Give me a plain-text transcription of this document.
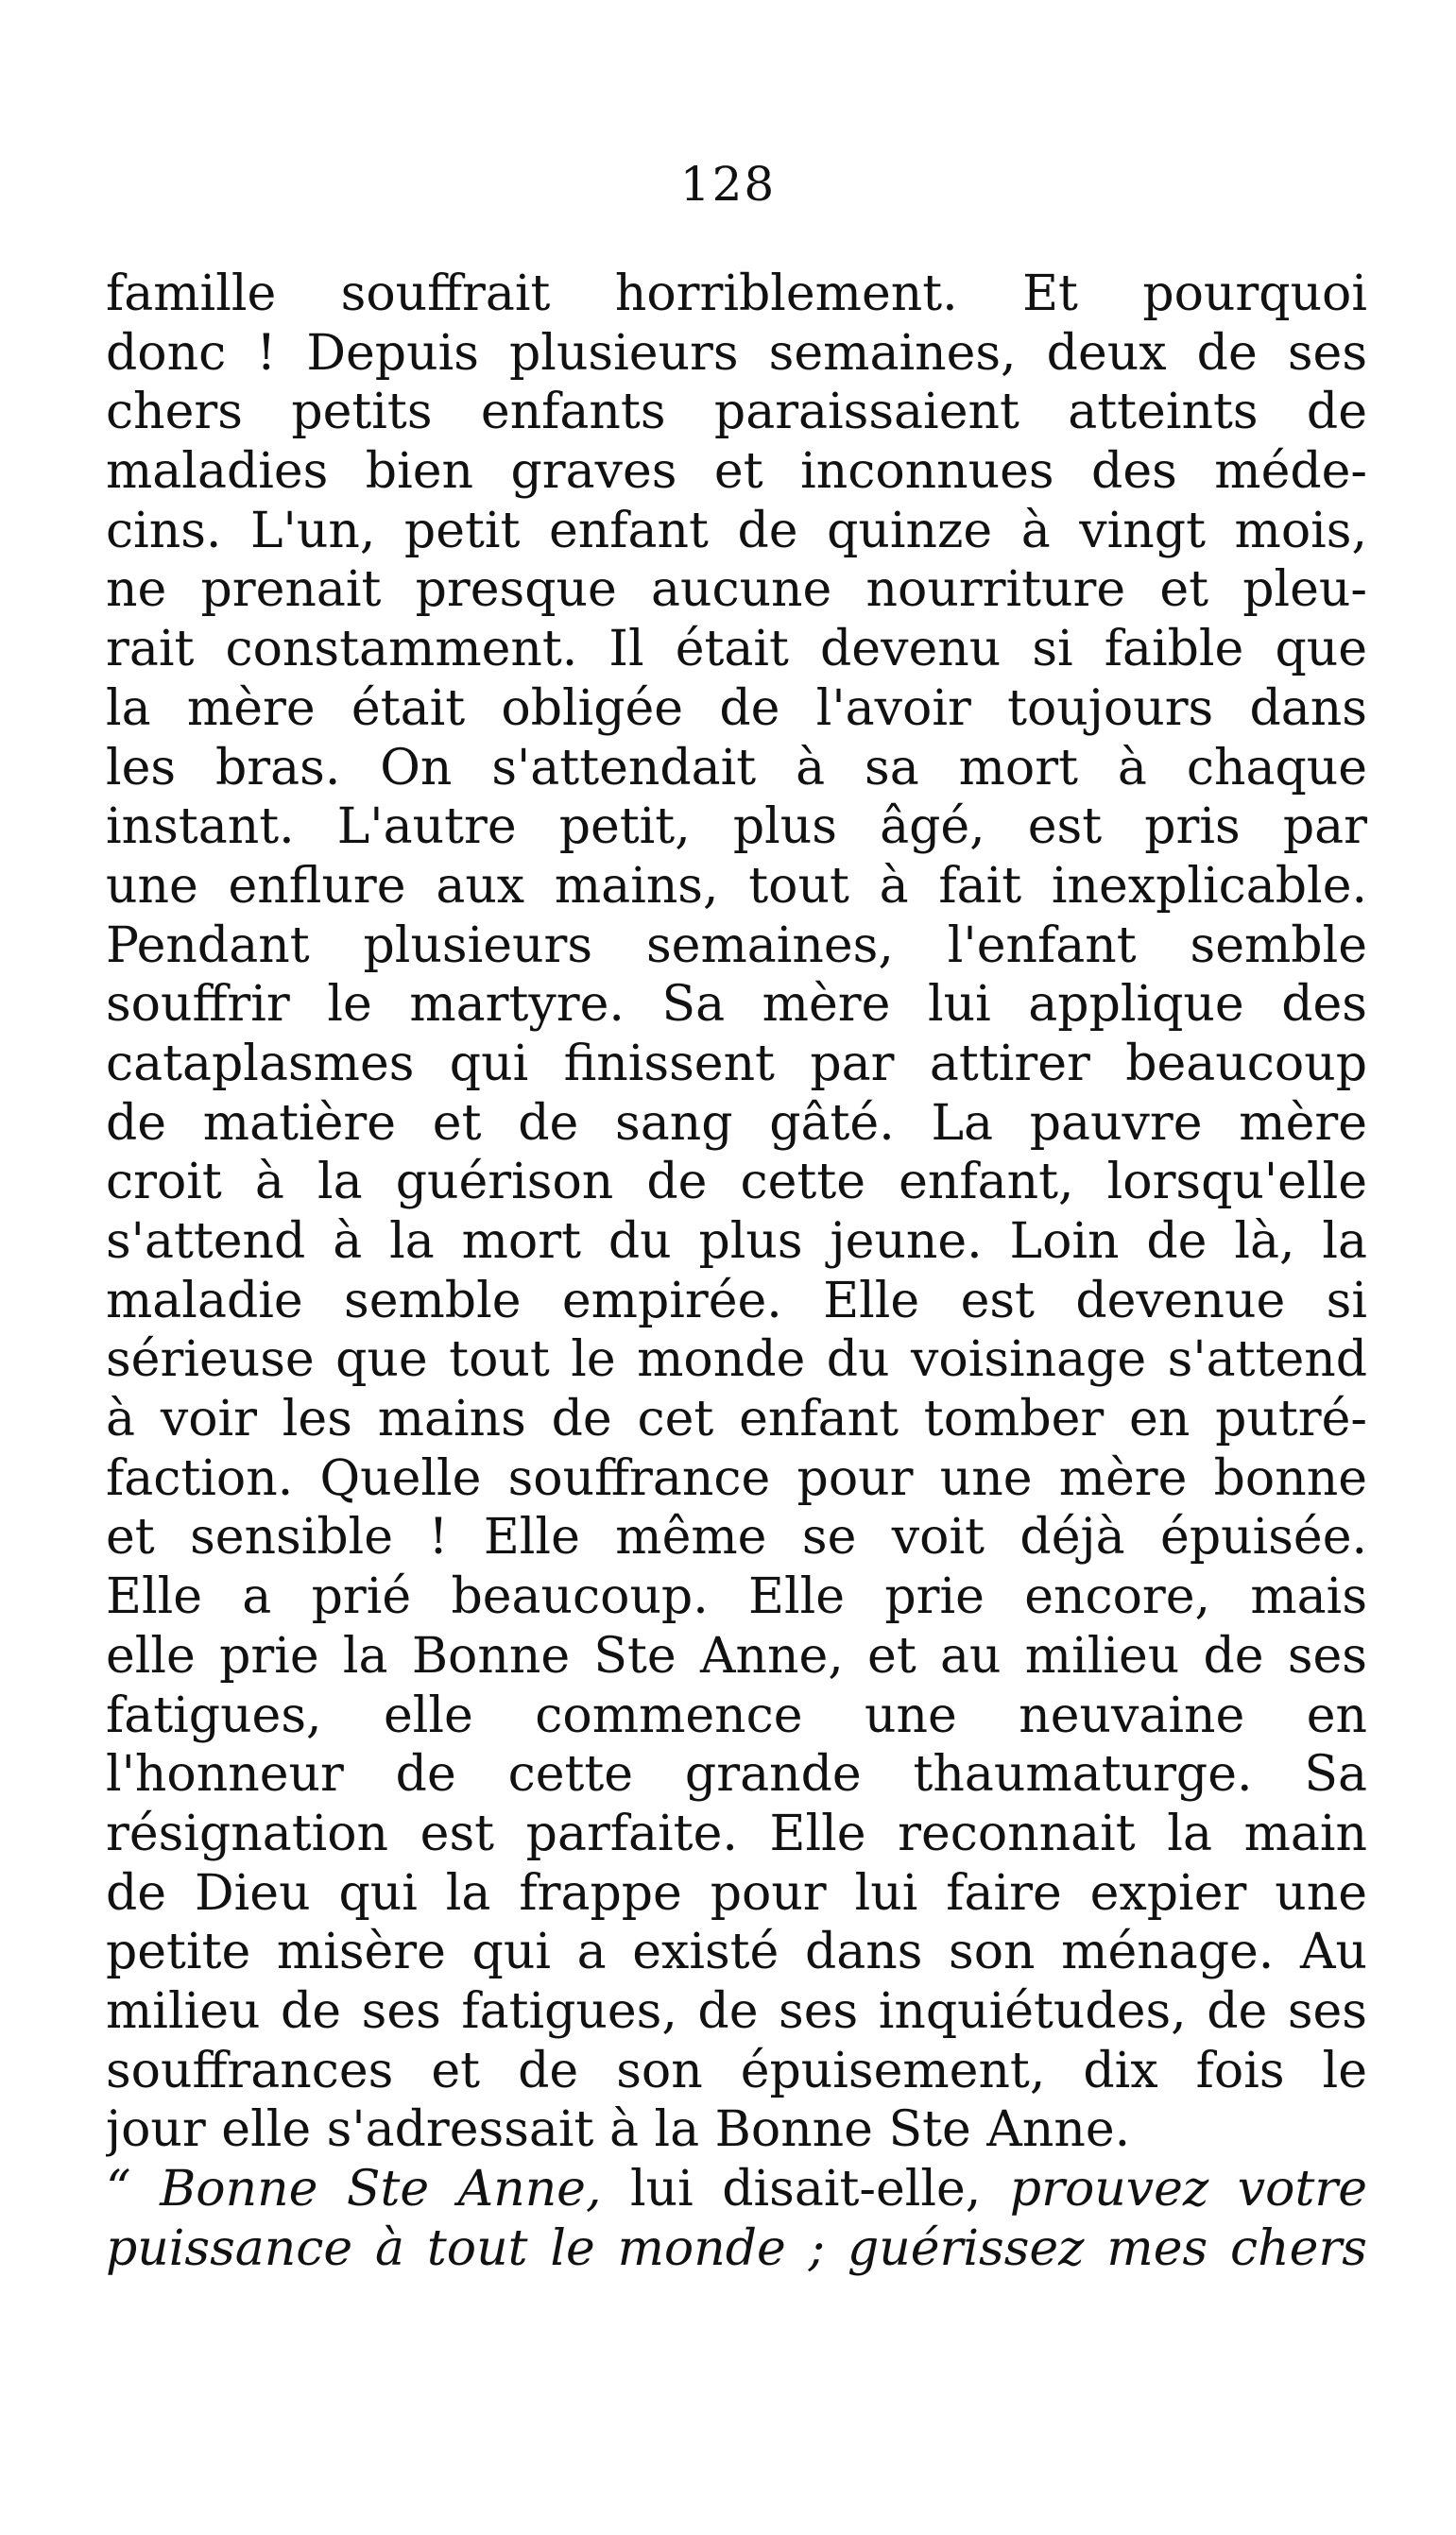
128
famille souffrait horriblement. Et pourquoi
donc ! Depuis plusieurs semaines, deux de ses
chers petits enfants paraissaient atteints de
maladies bien graves et inconnues des méde-
cins. L'un, petit enfant de quinze à vingt mois,
ne prenait presque aucune nourriture et pleu-
rait constamment. Il était devenu si faible que
la mère était obligée de l'avoir toujours dans
les bras. On s'attendait à sa mort à chaque
instant. L'autre petit, plus âgé, est pris par
une enflure aux mains, tout à fait inexplicable.
Pendant plusieurs semaines, l'enfant semble
souffrir le martyre. Sa mère lui applique des
cataplasmes qui finissent par attirer beaucoup
de matière et de sang gâté. La pauvre mère
croit à la guérison de cette enfant, lorsqu'elle
s'attend à la mort du plus jeune. Loin de là, la
maladie semble empirée. Elle est devenue si
sérieuse que tout le monde du voisinage s'attend
à voir les mains de cet enfant tomber en putré-
faction. Quelle souffrance pour une mère bonne
et sensible ! Elle même se voit déjà épuisée.
Elle a prié beaucoup. Elle prie encore, mais
elle prie la Bonne Ste Anne, et au milieu de ses
fatigues, elle commence une neuvaine en
l'honneur de cette grande thaumaturge. Sa
résignation est parfaite. Elle reconnait la main
de Dieu qui la frappe pour lui faire expier une
petite misère qui a existé dans son ménage. Au
milieu de ses fatigues, de ses inquiétudes, de ses
souffrances et de son épuisement, dix fois le
jour elle s'adressait à la Bonne Ste Anne.
“ Bonne Ste Anne, lui disait-elle, prouvez votre
puissance à tout le monde ; guérissez mes chers
